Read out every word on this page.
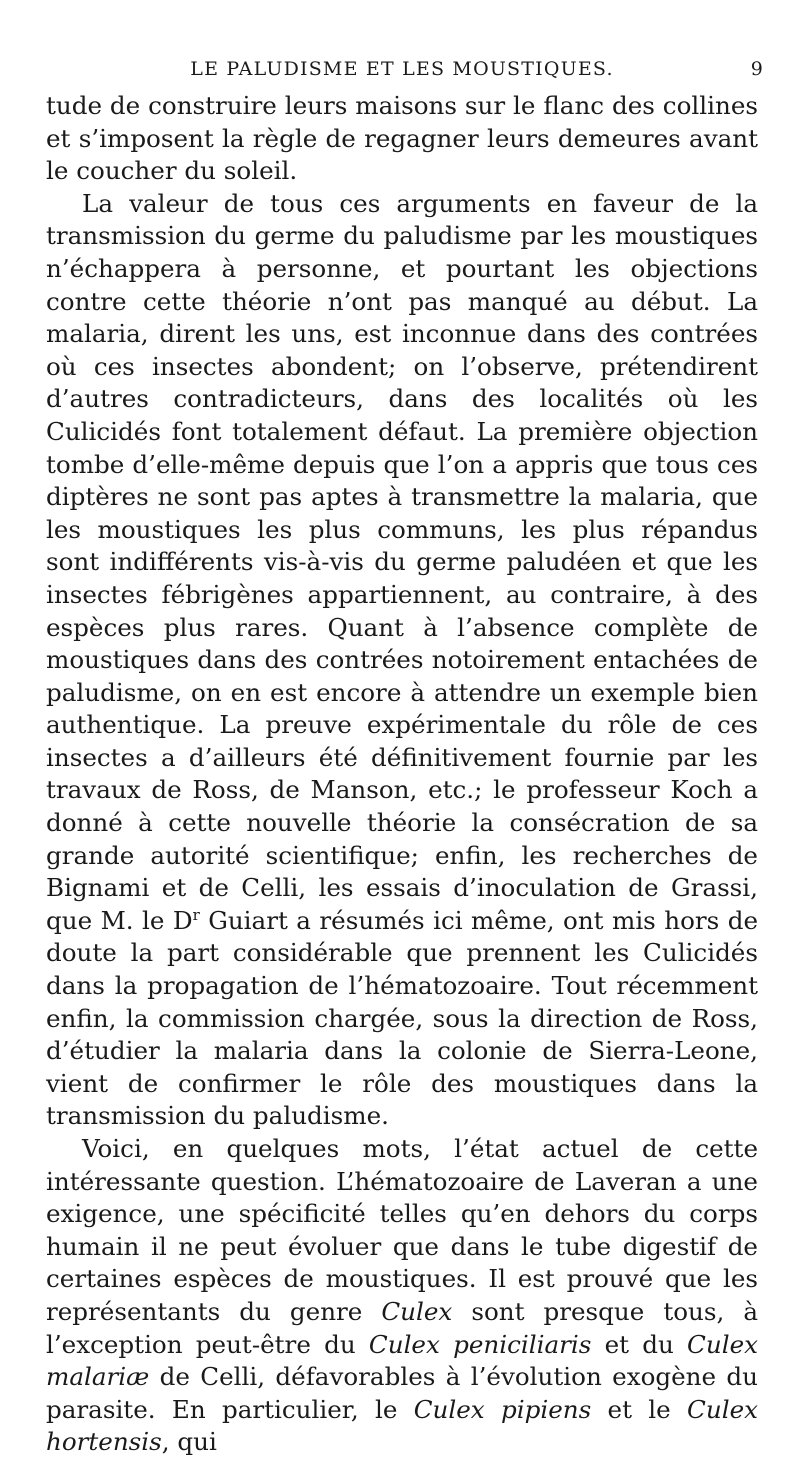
LE PALUDISME ET LES MOUSTIQUES.	9

tude de construire leurs maisons sur le flanc des collines et s’imposent la règle de regagner leurs demeures avant le coucher du soleil.

La valeur de tous ces arguments en faveur de la transmission du germe du paludisme par les moustiques n’échappera à personne, et pourtant les objections contre cette théorie n’ont pas manqué au début. La malaria, dirent les uns, est inconnue dans des contrées où ces insectes abondent; on l’observe, prétendirent d’autres contradicteurs, dans des localités où les Culicidés font totalement défaut. La première objection tombe d’elle-même depuis que l’on a appris que tous ces diptères ne sont pas aptes à transmettre la malaria, que les moustiques les plus communs, les plus répandus sont indifférents vis-à-vis du germe paludéen et que les insectes fébrigènes appartiennent, au contraire, à des espèces plus rares. Quant à l’absence complète de moustiques dans des contrées notoirement entachées de paludisme, on en est encore à attendre un exemple bien authentique. La preuve expérimentale du rôle de ces insectes a d’ailleurs été définitivement fournie par les travaux de Ross, de Manson, etc.; le professeur Koch a donné à cette nouvelle théorie la consécration de sa grande autorité scientifique; enfin, les recherches de Bignami et de Celli, les essais d’inoculation de Grassi, que M. le $D^r$ Guiart a résumés ici même, ont mis hors de doute la part considérable que prennent les Culicidés dans la propagation de l’hématozoaire. Tout récemment enfin, la commission chargée, sous la direction de Ross, d’étudier la malaria dans la colonie de Sierra-Leone, vient de confirmer le rôle des moustiques dans la transmission du paludisme.

Voici, en quelques mots, l’état actuel de cette intéressante question. L’hématozoaire de Laveran a une exigence, une spécificité telles qu’en dehors du corps humain il ne peut évoluer que dans le tube digestif de certaines espèces de moustiques. Il est prouvé que les représentants du genre Culex sont presque tous, à l’exception peut-être du Culex peniciliaris et du Culex malariæ de Celli, défavorables à l’évolution exogène du parasite. En particulier, le Culex pipiens et le Culex hortensis, qui
